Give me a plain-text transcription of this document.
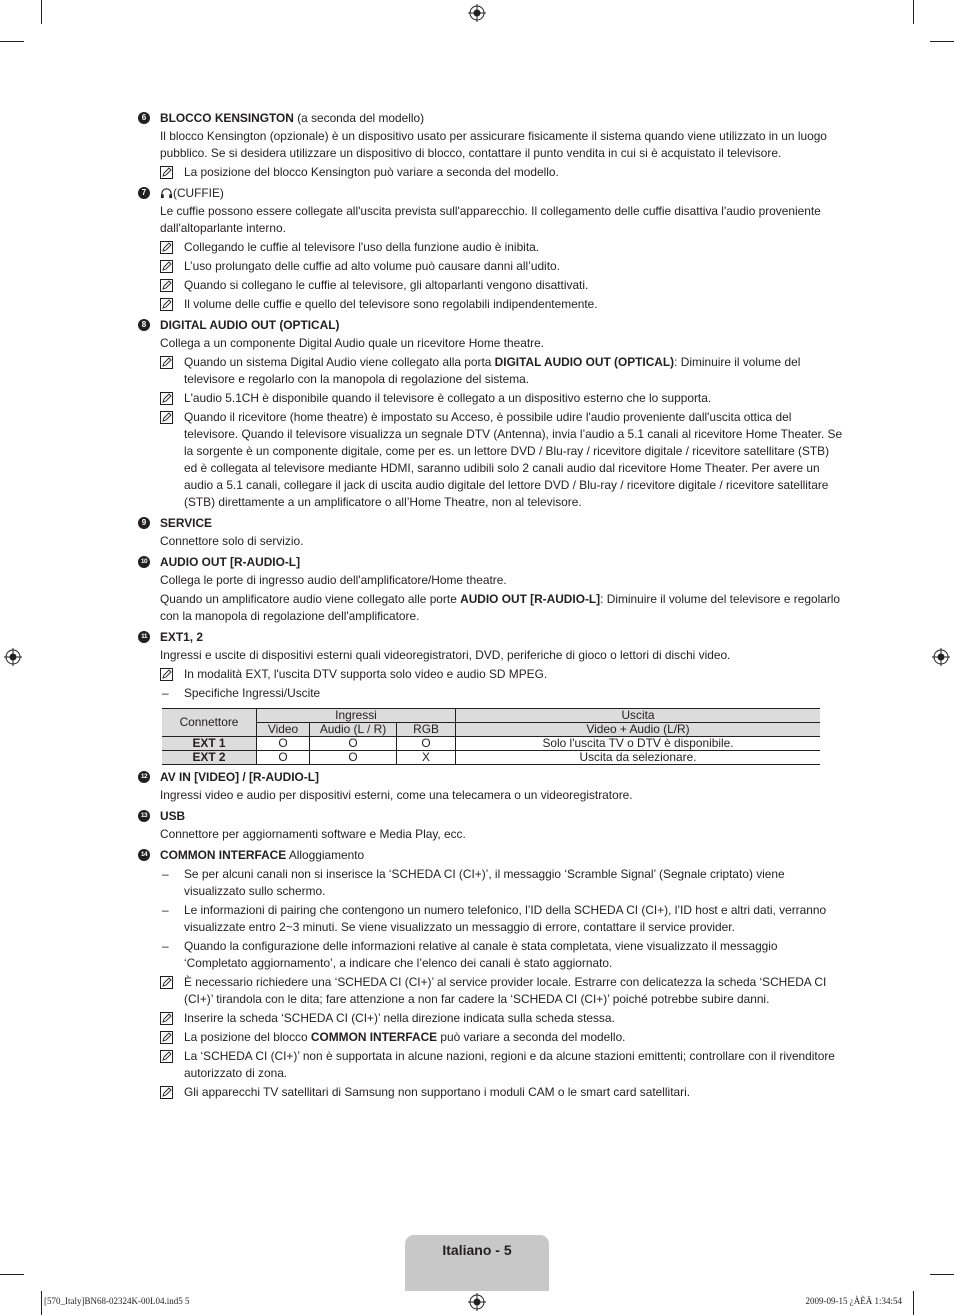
6	BLOCCO KENSINGTON (a seconda del modello)
Il blocco Kensington (opzionale) è un dispositivo usato per assicurare fisicamente il sistema quando viene utilizzato in un luogo pubblico. Se si desidera utilizzare un dispositivo di blocco, contattare il punto vendita in cui si è acquistato il televisore.
La posizione del blocco Kensington può variare a seconda del modello.
7	(CUFFIE)
Le cuffie possono essere collegate all'uscita prevista sull'apparecchio. Il collegamento delle cuffie disattiva l'audio proveniente dall'altoparlante interno.
Collegando le cuffie al televisore l'uso della funzione audio è inibita.
L’uso prolungato delle cuffie ad alto volume può causare danni all’udito.
Quando si collegano le cuffie al televisore, gli altoparlanti vengono disattivati.
Il volume delle cuffie e quello del televisore sono regolabili indipendentemente.
8	DIGITAL AUDIO OUT (OPTICAL)
Collega a un componente Digital Audio quale un ricevitore Home theatre.
Quando un sistema Digital Audio viene collegato alla porta DIGITAL AUDIO OUT (OPTICAL): Diminuire il volume del televisore e regolarlo con la manopola di regolazione del sistema.
L'audio 5.1CH è disponibile quando il televisore è collegato a un dispositivo esterno che lo supporta.
Quando il ricevitore (home theatre) è impostato su Acceso, è possibile udire l'audio proveniente dall'uscita ottica del televisore. Quando il televisore visualizza un segnale DTV (Antenna), invia l’audio a 5.1 canali al ricevitore Home Theater. Se la sorgente è un componente digitale, come per es. un lettore DVD / Blu-ray / ricevitore digitale / ricevitore satellitare (STB) ed è collegata al televisore mediante HDMI, saranno udibili solo 2 canali audio dal ricevitore Home Theater. Per avere un audio a 5.1 canali, collegare il jack di uscita audio digitale del lettore DVD / Blu-ray / ricevitore digitale / ricevitore satellitare (STB) direttamente a un amplificatore o all’Home Theatre, non al televisore.
9	SERVICE
Connettore solo di servizio.
10 AUDIO OUT [R-AUDIO-L]
Collega le porte di ingresso audio dell'amplificatore/Home theatre.
Quando un amplificatore audio viene collegato alle porte AUDIO OUT [R-AUDIO-L]: Diminuire il volume del televisore e regolarlo con la manopola di regolazione dell'amplificatore.
11 EXT1, 2
Ingressi e uscite di dispositivi esterni quali videoregistratori, DVD, periferiche di gioco o lettori di dischi video.
In modalità EXT, l'uscita DTV supporta solo video e audio SD MPEG.
– Specifiche Ingressi/Uscite
Connettore	Ingressi			Uscita
	Video	Audio (L / R)	RGB	Video + Audio (L/R)
EXT 1	O	O	O	Solo l'uscita TV o DTV è disponibile.
EXT 2	O	O	X	Uscita da selezionare.
12 AV IN [VIDEO] / [R-AUDIO-L]
Ingressi video e audio per dispositivi esterni, come una telecamera o un videoregistratore.
13 USB
Connettore per aggiornamenti software e Media Play, ecc.
14 COMMON INTERFACE Alloggiamento
– Se per alcuni canali non si inserisce la ‘SCHEDA CI (CI+)’, il messaggio ‘Scramble Signal’ (Segnale criptato) viene visualizzato sullo schermo.
– Le informazioni di pairing che contengono un numero telefonico, l’ID della SCHEDA CI (CI+), l’ID host e altri dati, verranno visualizzate entro 2~3 minuti. Se viene visualizzato un messaggio di errore, contattare il service provider.
– Quando la configurazione delle informazioni relative al canale è stata completata, viene visualizzato il messaggio ‘Completato aggiornamento’, a indicare che l’elenco dei canali è stato aggiornato.
È necessario richiedere una ‘SCHEDA CI (CI+)’ al service provider locale. Estrarre con delicatezza la scheda ‘SCHEDA CI (CI+)’ tirandola con le dita; fare attenzione a non far cadere la ‘SCHEDA CI (CI+)’ poiché potrebbe subire danni.
Inserire la scheda ‘SCHEDA CI (CI+)’ nella direzione indicata sulla scheda stessa.
La posizione del blocco COMMON INTERFACE può variare a seconda del modello.
La ‘SCHEDA CI (CI+)’ non è supportata in alcune nazioni, regioni e da alcune stazioni emittenti; controllare con il rivenditore autorizzato di zona.
Gli apparecchi TV satellitari di Samsung non supportano i moduli CAM o le smart card satellitari.
Italiano - 5
[570_Italy]BN68-02324K-00L04.ind5 5	2009-09-15 ¿ÀÈÄ 1:34:54
